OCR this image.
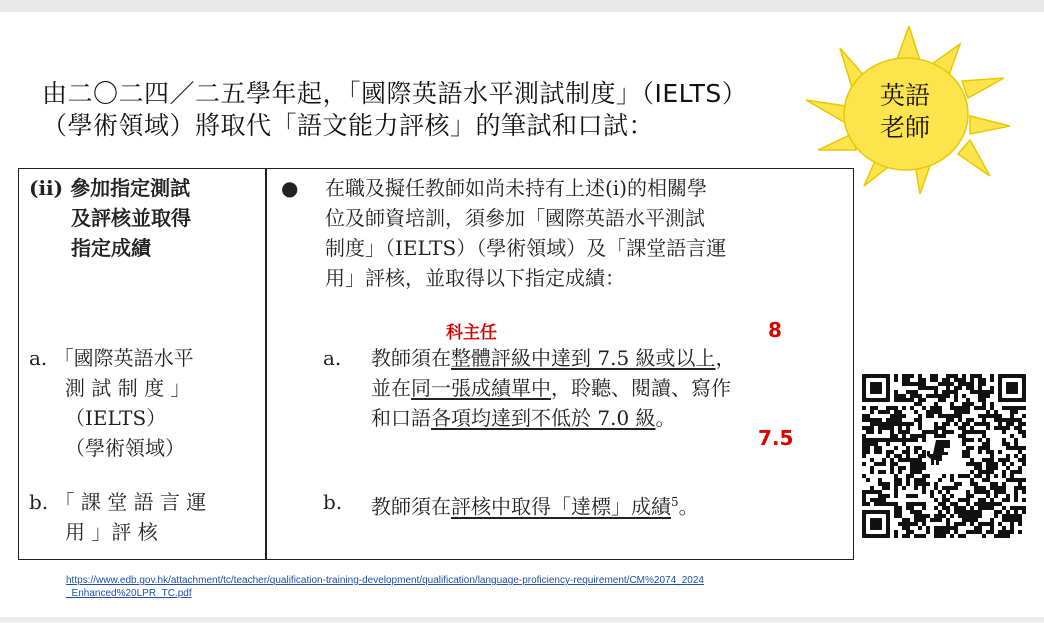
由二〇二四／二五學年起，「國際英語水平測試制度」（IELTS）
（學術領域）將取代「語文能力評核」的筆試和口試：
英語
老師
(ii) 參加指定測試
及評核並取得
指定成績
a. 「國際英語水平
測 試 制 度 」
（IELTS）
（學術領域）
b. 「 課 堂 語 言 運
用 」評 核
● 在職及擬任教師如尚未持有上述(i)的相關學
位及師資培訓，須參加「國際英語水平測試
制度」（IELTS）（學術領域）及「課堂語言運
用」評核，並取得以下指定成績：
a. 教師須在整體評級中達到 7.5 級或以上，
並在同一張成績單中，聆聽、閱讀、寫作
和口語各項均達到不低於 7.0 級。
b. 教師須在評核中取得「達標」成績$^5$。
科主任	8
7.5
https://www.edb.gov.hk/attachment/tc/teacher/qualification-training-development/qualification/language-proficiency-requirement/CM%2074_2024_Enhanced%20LPR_TC.pdf
